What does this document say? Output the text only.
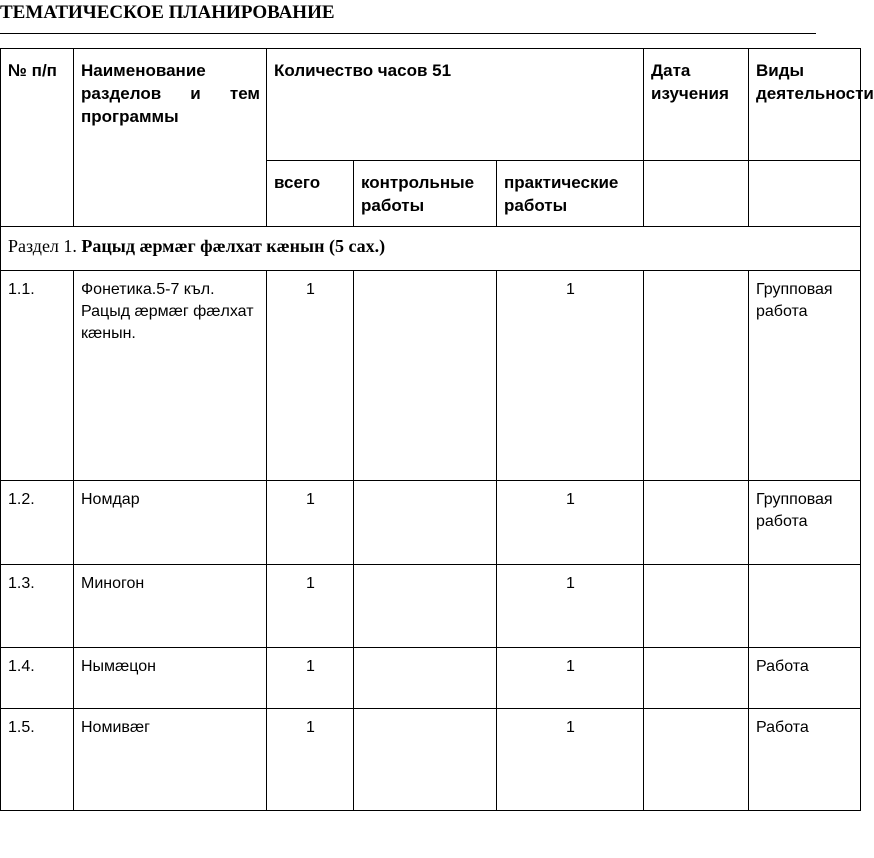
ТЕМАТИЧЕСКОЕ ПЛАНИРОВАНИЕ
№ п/п	Наименование разделов и тем программы	Количество часов 51			Дата изучения	Виды деятельности
		всего	контрольные работы	практические работы		
Раздел 1. Рацыд æрмæг фæлхат кæнын (5 сах.)						
1.1.	Фонетика.5-7 къл. Рацыд æрмæг фæлхат кæнын.	1		1		Групповая работа
1.2.	Номдар	1		1		Групповая работа
1.3.	Миногон	1		1		
1.4.	Нымæцон	1		1		Работа
1.5.	Номивæг	1		1		Работа
